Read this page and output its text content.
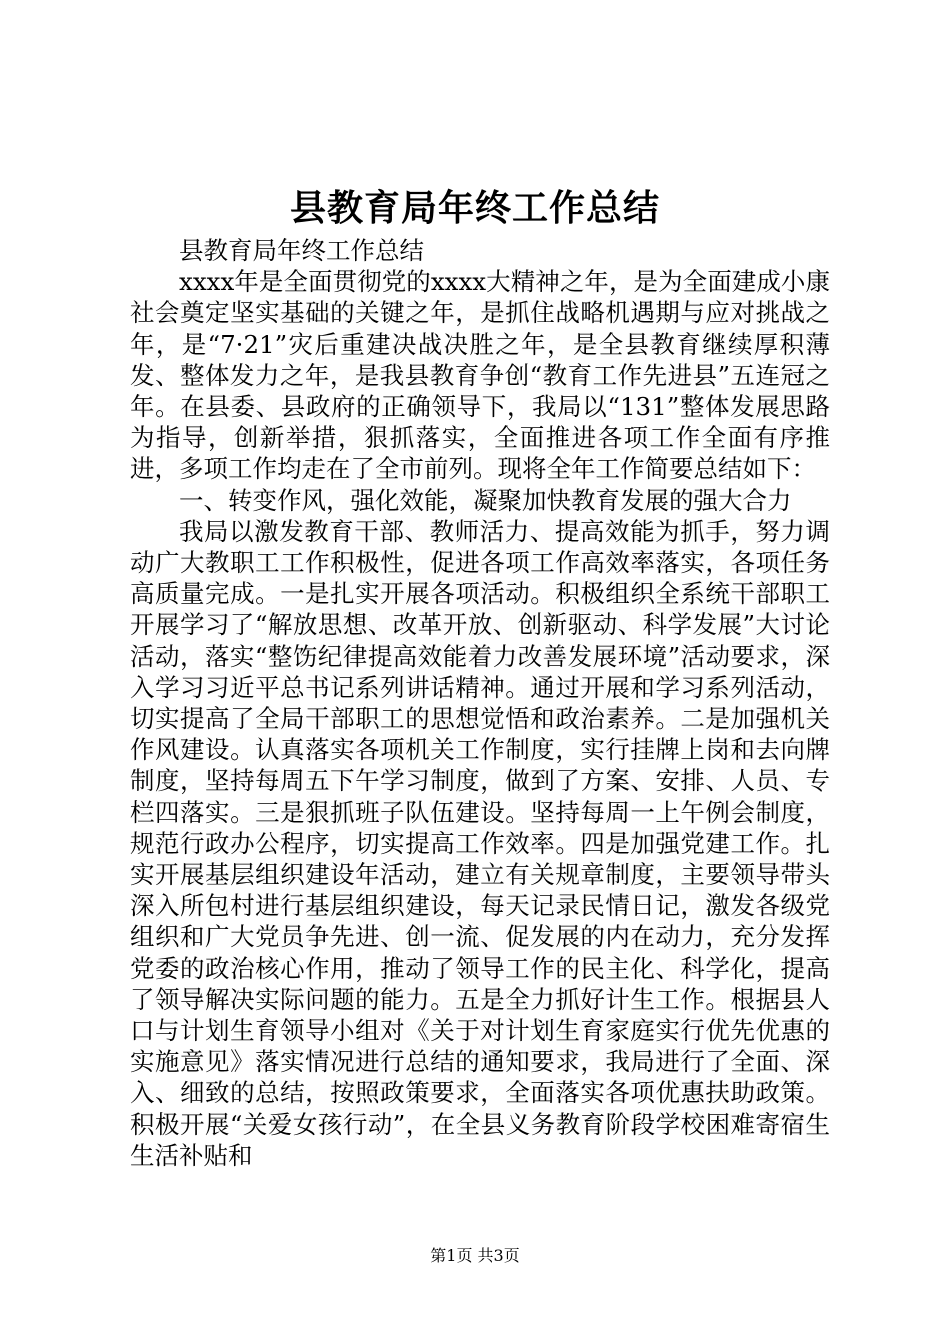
县教育局年终工作总结

县教育局年终工作总结

xxxx年是全面贯彻党的xxxx大精神之年，是为全面建成小康社会奠定坚实基础的关键之年，是抓住战略机遇期与应对挑战之年，是“7·21”灾后重建决战决胜之年，是全县教育继续厚积薄发、整体发力之年，是我县教育争创“教育工作先进县”五连冠之年。在县委、县政府的正确领导下，我局以“131”整体发展思路为指导，创新举措，狠抓落实，全面推进各项工作全面有序推进，多项工作均走在了全市前列。现将全年工作简要总结如下：

一、转变作风，强化效能，凝聚加快教育发展的强大合力

我局以激发教育干部、教师活力、提高效能为抓手，努力调动广大教职工工作积极性，促进各项工作高效率落实，各项任务高质量完成。一是扎实开展各项活动。积极组织全系统干部职工开展学习了“解放思想、改革开放、创新驱动、科学发展”大讨论活动，落实“整饬纪律提高效能着力改善发展环境”活动要求，深入学习习近平总书记系列讲话精神。通过开展和学习系列活动，切实提高了全局干部职工的思想觉悟和政治素养。二是加强机关作风建设。认真落实各项机关工作制度，实行挂牌上岗和去向牌制度，坚持每周五下午学习制度，做到了方案、安排、人员、专栏四落实。三是狠抓班子队伍建设。坚持每周一上午例会制度，规范行政办公程序，切实提高工作效率。四是加强党建工作。扎实开展基层组织建设年活动，建立有关规章制度，主要领导带头深入所包村进行基层组织建设，每天记录民情日记，激发各级党组织和广大党员争先进、创一流、促发展的内在动力，充分发挥党委的政治核心作用，推动了领导工作的民主化、科学化，提高了领导解决实际问题的能力。五是全力抓好计生工作。根据县人口与计划生育领导小组对《关于对计划生育家庭实行优先优惠的实施意见》落实情况进行总结的通知要求，我局进行了全面、深入、细致的总结，按照政策要求，全面落实各项优惠扶助政策。积极开展“关爱女孩行动”，在全县义务教育阶段学校困难寄宿生生活补贴和

第1页 共3页
